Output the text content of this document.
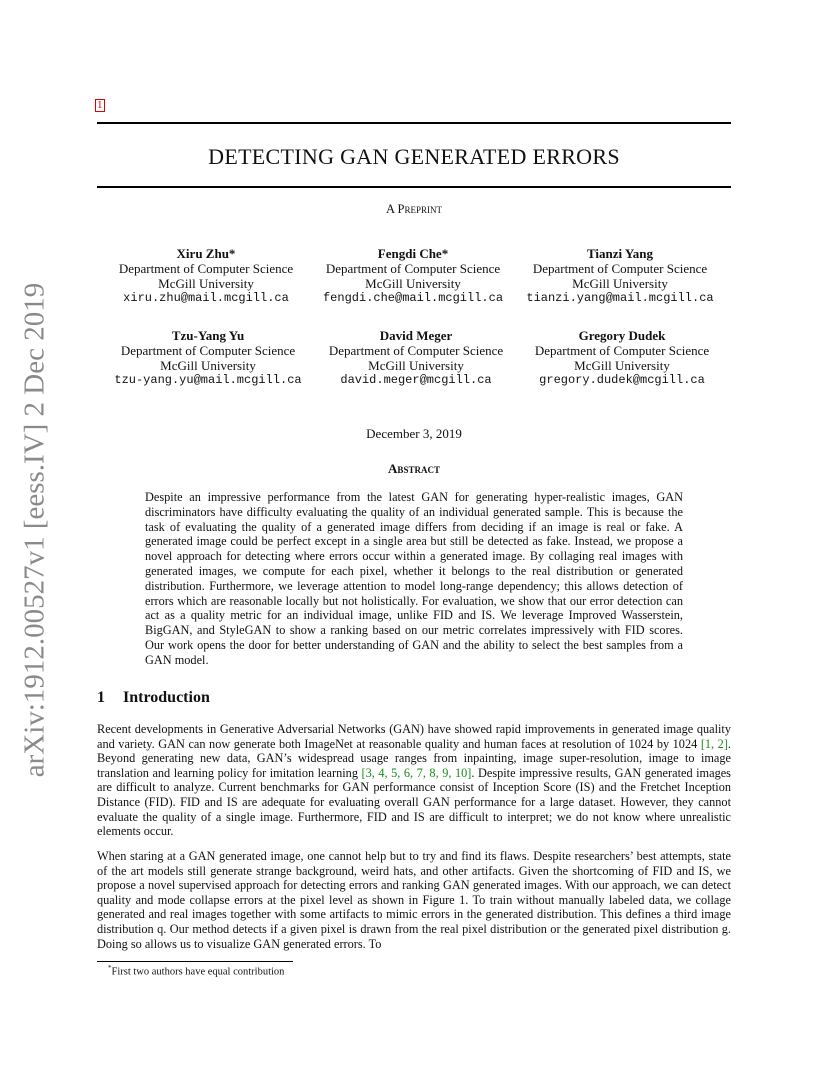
arXiv:1912.00527v1 [eess.IV] 2 Dec 2019
1
DETECTING GAN GENERATED ERRORS
A Preprint
Xiru Zhu*
Department of Computer Science
McGill University
xiru.zhu@mail.mcgill.ca
Fengdi Che*
Department of Computer Science
McGill University
fengdi.che@mail.mcgill.ca
Tianzi Yang
Department of Computer Science
McGill University
tianzi.yang@mail.mcgill.ca
Tzu-Yang Yu
Department of Computer Science
McGill University
tzu-yang.yu@mail.mcgill.ca
David Meger
Department of Computer Science
McGill University
david.meger@mcgill.ca
Gregory Dudek
Department of Computer Science
McGill University
gregory.dudek@mcgill.ca
December 3, 2019
Abstract
Despite an impressive performance from the latest GAN for generating hyper-realistic images, GAN discriminators have difficulty evaluating the quality of an individual generated sample. This is because the task of evaluating the quality of a generated image differs from deciding if an image is real or fake. A generated image could be perfect except in a single area but still be detected as fake. Instead, we propose a novel approach for detecting where errors occur within a generated image. By collaging real images with generated images, we compute for each pixel, whether it belongs to the real distribution or generated distribution. Furthermore, we leverage attention to model long-range dependency; this allows detection of errors which are reasonable locally but not holistically. For evaluation, we show that our error detection can act as a quality metric for an individual image, unlike FID and IS. We leverage Improved Wasserstein, BigGAN, and StyleGAN to show a ranking based on our metric correlates impressively with FID scores. Our work opens the door for better understanding of GAN and the ability to select the best samples from a GAN model.
1 Introduction
Recent developments in Generative Adversarial Networks (GAN) have showed rapid improvements in generated image quality and variety. GAN can now generate both ImageNet at reasonable quality and human faces at resolution of 1024 by 1024 [1, 2]. Beyond generating new data, GAN’s widespread usage ranges from inpainting, image super-resolution, image to image translation and learning policy for imitation learning [3, 4, 5, 6, 7, 8, 9, 10]. Despite impressive results, GAN generated images are difficult to analyze. Current benchmarks for GAN performance consist of Inception Score (IS) and the Fretchet Inception Distance (FID). FID and IS are adequate for evaluating overall GAN performance for a large dataset. However, they cannot evaluate the quality of a single image. Furthermore, FID and IS are difficult to interpret; we do not know where unrealistic elements occur.
When staring at a GAN generated image, one cannot help but to try and find its flaws. Despite researchers’ best attempts, state of the art models still generate strange background, weird hats, and other artifacts. Given the shortcoming of FID and IS, we propose a novel supervised approach for detecting errors and ranking GAN generated images. With our approach, we can detect quality and mode collapse errors at the pixel level as shown in Figure 1. To train without manually labeled data, we collage generated and real images together with some artifacts to mimic errors in the generated distribution. This defines a third image distribution q. Our method detects if a given pixel is drawn from the real pixel distribution or the generated pixel distribution g. Doing so allows us to visualize GAN generated errors. To
*First two authors have equal contribution
